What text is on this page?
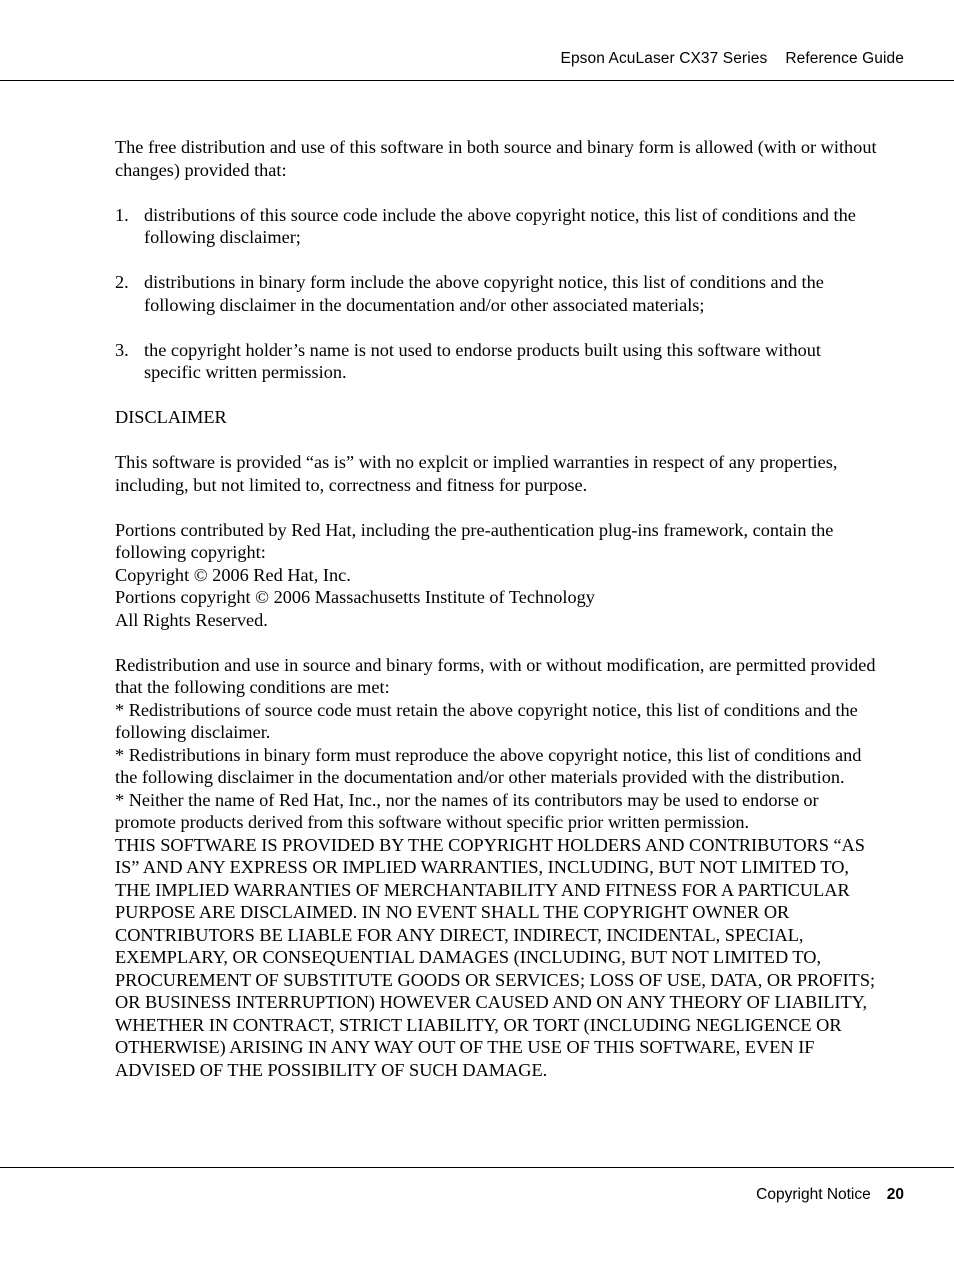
Epson AcuLaser CX37 Series Reference Guide

The free distribution and use of this software in both source and binary form is allowed (with or without changes) provided that:

1. distributions of this source code include the above copyright notice, this list of conditions and the following disclaimer;
2. distributions in binary form include the above copyright notice, this list of conditions and the following disclaimer in the documentation and/or other associated materials;
3. the copyright holder’s name is not used to endorse products built using this software without specific written permission.

DISCLAIMER

This software is provided “as is” with no explcit or implied warranties in respect of any properties, including, but not limited to, correctness and fitness for purpose.

Portions contributed by Red Hat, including the pre-authentication plug-ins framework, contain the following copyright:

Copyright © 2006 Red Hat, Inc.

Portions copyright © 2006 Massachusetts Institute of Technology

All Rights Reserved.

Redistribution and use in source and binary forms, with or without modification, are permitted provided that the following conditions are met:

* Redistributions of source code must retain the above copyright notice, this list of conditions and the following disclaimer.

* Redistributions in binary form must reproduce the above copyright notice, this list of conditions and the following disclaimer in the documentation and/or other materials provided with the distribution.

* Neither the name of Red Hat, Inc., nor the names of its contributors may be used to endorse or promote products derived from this software without specific prior written permission.

THIS SOFTWARE IS PROVIDED BY THE COPYRIGHT HOLDERS AND CONTRIBUTORS “AS IS” AND ANY EXPRESS OR IMPLIED WARRANTIES, INCLUDING, BUT NOT LIMITED TO, THE IMPLIED WARRANTIES OF MERCHANTABILITY AND FITNESS FOR A PARTICULAR PURPOSE ARE DISCLAIMED. IN NO EVENT SHALL THE COPYRIGHT OWNER OR CONTRIBUTORS BE LIABLE FOR ANY DIRECT, INDIRECT, INCIDENTAL, SPECIAL, EXEMPLARY, OR CONSEQUENTIAL DAMAGES (INCLUDING, BUT NOT LIMITED TO, PROCUREMENT OF SUBSTITUTE GOODS OR SERVICES; LOSS OF USE, DATA, OR PROFITS; OR BUSINESS INTERRUPTION) HOWEVER CAUSED AND ON ANY THEORY OF LIABILITY, WHETHER IN CONTRACT, STRICT LIABILITY, OR TORT (INCLUDING NEGLIGENCE OR OTHERWISE) ARISING IN ANY WAY OUT OF THE USE OF THIS SOFTWARE, EVEN IF ADVISED OF THE POSSIBILITY OF SUCH DAMAGE.

Copyright Notice 20
